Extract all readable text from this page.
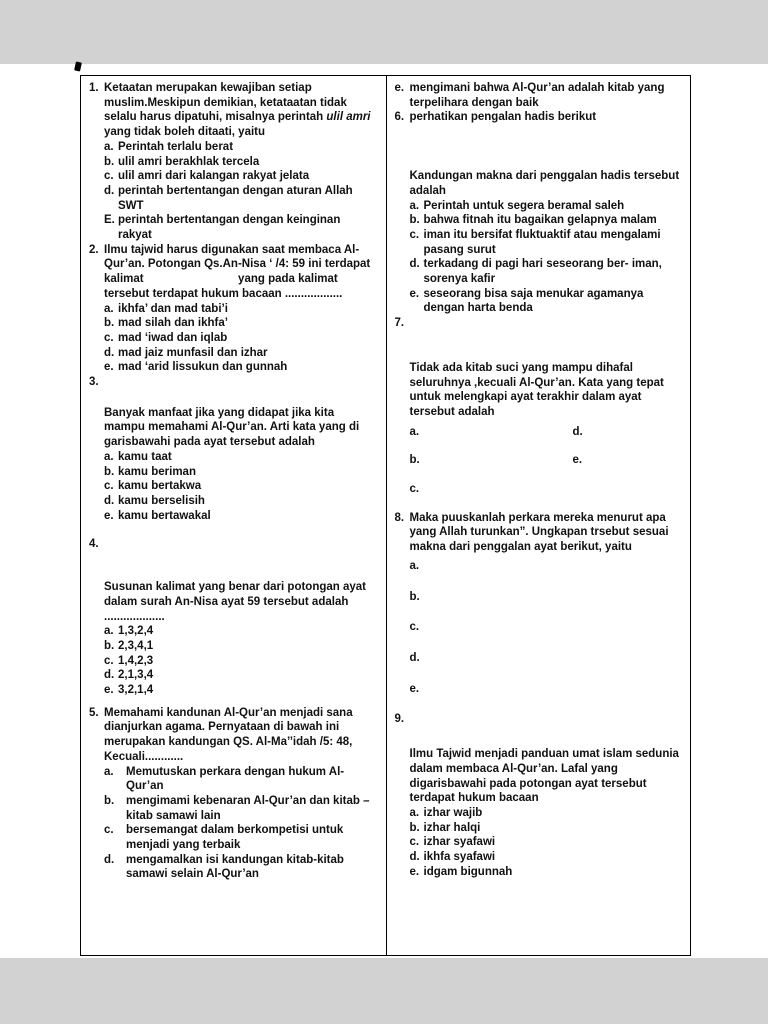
1. Ketaatan merupakan kewajiban setiap muslim.Meskipun demikian, ketataatan tidak selalu harus dipatuhi, misalnya perintah ulil amri yang tidak boleh ditaati, yaitu
a. Perintah terlalu berat
b. ulil amri berakhlak tercela
c. ulil amri dari kalangan rakyat jelata
d. perintah bertentangan dengan aturan Allah SWT
E. perintah bertentangan dengan keinginan rakyat
2. Ilmu tajwid harus digunakan saat membaca Al-Qur’an. Potongan Qs.An-Nisa ‘ /4: 59 ini terdapat kalimat	yang pada kalimat tersebut terdapat hukum bacaan ..................
a. ikhfa’ dan mad tabi’i
b. mad silah dan ikhfa’
c. mad ‘iwad dan iqlab
d. mad jaiz munfasil dan izhar
e. mad ‘arid lissukun dan gunnah
3.
Banyak manfaat jika yang didapat jika kita mampu memahami Al-Qur’an. Arti kata yang di garisbawahi pada ayat tersebut adalah
a. kamu taat
b. kamu beriman
c. kamu bertakwa
d. kamu berselisih
e. kamu bertawakal
4.
Susunan kalimat yang benar dari potongan ayat dalam surah An-Nisa ayat 59 tersebut adalah ...................
a. 1,3,2,4
b. 2,3,4,1
c. 1,4,2,3
d. 2,1,3,4
e. 3,2,1,4
5. Memahami kandunan Al-Qur’an menjadi sana dianjurkan agama. Pernyataan di bawah ini merupakan kandungan QS. Al-Ma’’idah /5: 48, Kecuali............
a.	Memutuskan perkara dengan hukum Al-Qur’an
b.	mengimami kebenaran Al-Qur’an dan kitab –kitab samawi lain
c.	bersemangat dalam berkompetisi untuk menjadi yang terbaik
d.	mengamalkan isi kandungan kitab-kitab samawi selain Al-Qur’an
e. mengimani bahwa Al-Qur’an adalah kitab yang terpelihara dengan baik
6. perhatikan pengalan hadis berikut
Kandungan makna dari penggalan hadis tersebut adalah
a. Perintah untuk segera beramal saleh
b. bahwa fitnah itu bagaikan gelapnya malam
c. iman itu bersifat fluktuaktif atau mengalami pasang surut
d. terkadang di pagi hari seseorang ber- iman, sorenya kafir
e. seseorang bisa saja menukar agamanya dengan harta benda
7.
Tidak ada kitab suci yang mampu dihafal seluruhnya ,kecuali Al-Qur’an. Kata yang tepat untuk melengkapi ayat terakhir dalam ayat tersebut adalah
a.	d.
b.	e.
c.
8. Maka puuskanlah perkara mereka menurut apa yang Allah turunkan”. Ungkapan trsebut sesuai makna dari penggalan ayat berikut, yaitu
a.
b.
c.
d.
e.
9.
Ilmu Tajwid menjadi panduan umat islam sedunia dalam membaca Al-Qur’an. Lafal yang digarisbawahi pada potongan ayat tersebut terdapat hukum bacaan
a. izhar wajib
b. izhar halqi
c. izhar syafawi
d. ikhfa syafawi
e. idgam bigunnah
